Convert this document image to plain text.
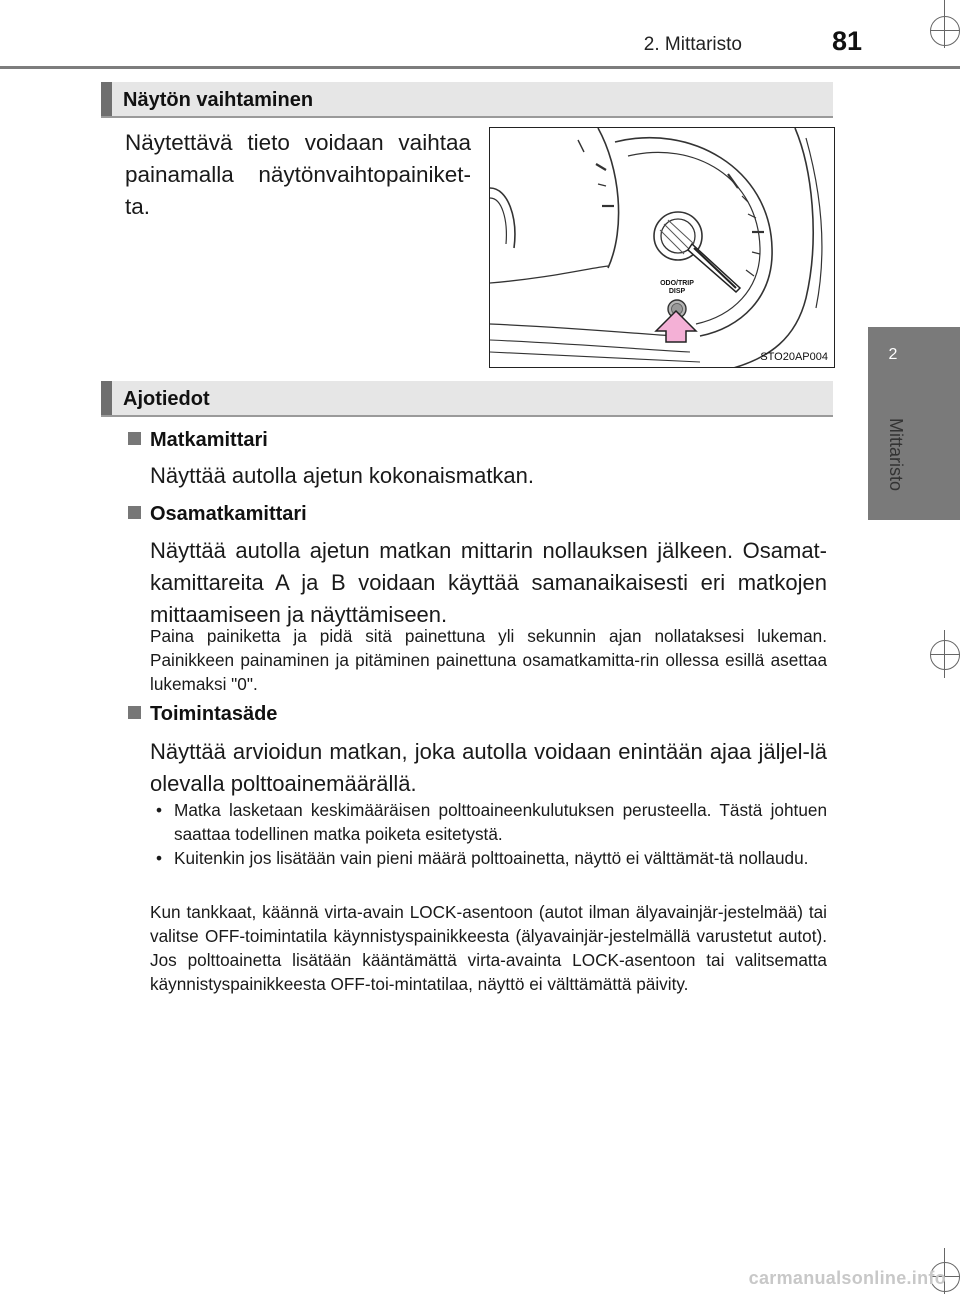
2. Mittaristo	81
2
Mittaristo
Näytön vaihtaminen
Näytettävä tieto voidaan vaihtaa painamalla näytönvaihtopainiket-ta.
ODO/TRIP
DISP
STO20AP004
Ajotiedot
Matkamittari
Näyttää autolla ajetun kokonaismatkan.
Osamatkamittari
Näyttää autolla ajetun matkan mittarin nollauksen jälkeen. Osamat-kamittareita A ja B voidaan käyttää samanaikaisesti eri matkojen mittaamiseen ja näyttämiseen.
Paina painiketta ja pidä sitä painettuna yli sekunnin ajan nollataksesi lukeman. Painikkeen painaminen ja pitäminen painettuna osamatkamitta-rin ollessa esillä asettaa lukemaksi "0".
Toimintasäde
Näyttää arvioidun matkan, joka autolla voidaan enintään ajaa jäljel-lä olevalla polttoainemäärällä.
• Matka lasketaan keskimääräisen polttoaineenkulutuksen perusteella. Tästä johtuen saattaa todellinen matka poiketa esitetystä.
• Kuitenkin jos lisätään vain pieni määrä polttoainetta, näyttö ei välttämät-tä nollaudu.
Kun tankkaat, käännä virta-avain LOCK-asentoon (autot ilman älyavainjär-jestelmää) tai valitse OFF-toimintatila käynnistyspainikkeesta (älyavainjär-jestelmällä varustetut autot). Jos polttoainetta lisätään kääntämättä virta-avainta LOCK-asentoon tai valitsematta käynnistyspainikkeesta OFF-toi-mintatilaa, näyttö ei välttämättä päivity.
carmanualsonline.info
